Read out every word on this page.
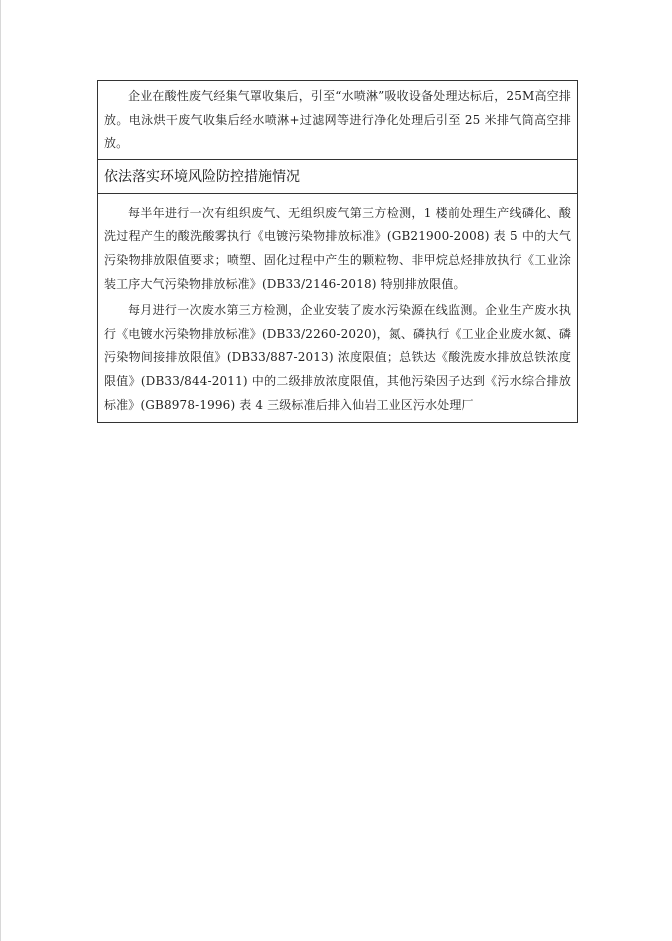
企业在酸性废气经集气罩收集后，引至“水喷淋”吸收设备处理达标后，25M高空排放。电泳烘干废气收集后经水喷淋+过滤网等进行净化处理后引至 25 米排气筒高空排放。

依法落实环境风险防控措施情况

每半年进行一次有组织废气、无组织废气第三方检测，1 楼前处理生产线磷化、酸洗过程产生的酸洗酸雾执行《电镀污染物排放标准》(GB21900-2008) 表 5 中的大气污染物排放限值要求；喷塑、固化过程中产生的颗粒物、非甲烷总烃排放执行《工业涂装工序大气污染物排放标准》(DB33/2146-2018) 特别排放限值。

每月进行一次废水第三方检测，企业安装了废水污染源在线监测。企业生产废水执行《电镀水污染物排放标准》(DB33/2260-2020)，氮、磷执行《工业企业废水氮、磷污染物间接排放限值》(DB33/887-2013) 浓度限值；总铁达《酸洗废水排放总铁浓度限值》(DB33/844-2011) 中的二级排放浓度限值，其他污染因子达到《污水综合排放标准》(GB8978-1996) 表 4 三级标准后排入仙岩工业区污水处理厂
